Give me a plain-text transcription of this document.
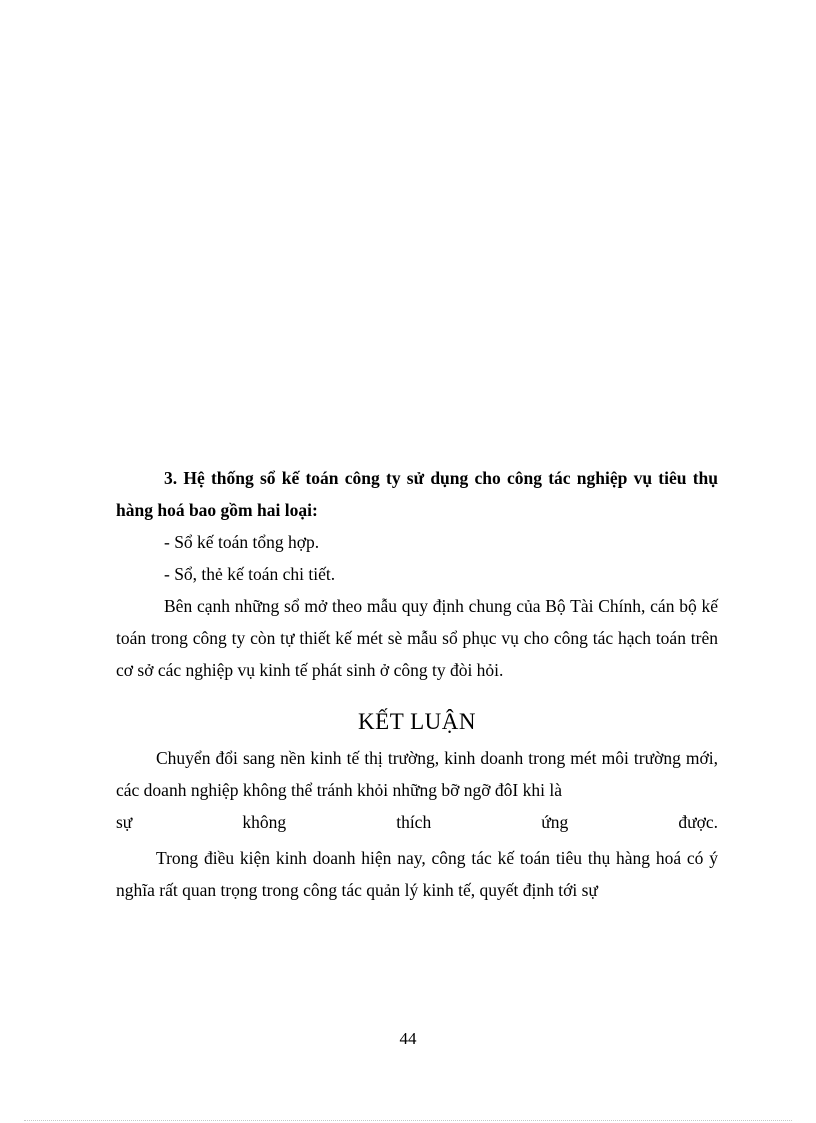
3. Hệ thống sổ kế toán công ty sử dụng cho công tác nghiệp vụ tiêu thụ hàng hoá bao gồm hai loại:

- Sổ kế toán tổng hợp.

- Sổ, thẻ kế toán chi tiết.

Bên cạnh những sổ mở theo mẫu quy định chung của Bộ Tài Chính, cán bộ kế toán trong công ty còn tự thiết kế mét sè mẫu sổ phục vụ cho công tác hạch toán trên cơ sở các nghiệp vụ kinh tế phát sinh ở công ty đòi hỏi.

KẾT LUẬN

Chuyển đổi sang nền kinh tế thị trường, kinh doanh trong mét môi trường mới, các doanh nghiệp không thể tránh khỏi những bỡ ngỡ đôI khi là

sự	không	thích	ứng	được.

Trong điều kiện kinh doanh hiện nay, công tác kế toán tiêu thụ hàng hoá có ý nghĩa rất quan trọng trong công tác quản lý kinh tế, quyết định tới sự

44
